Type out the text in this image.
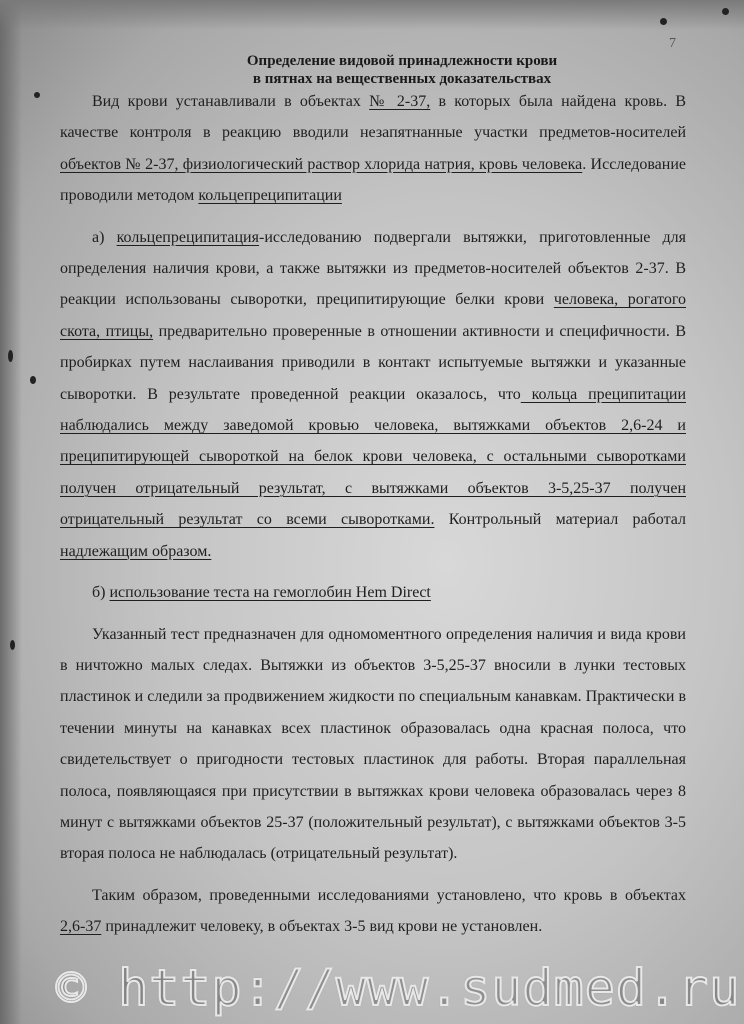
7
Определение видовой принадлежности крови
в пятнах на вещественных доказательствах

Вид крови устанавливали в объектах № 2-37, в которых была найдена кровь. В качестве контроля в реакцию вводили незапятнанные участки предметов-носителей объектов № 2-37, физиологический раствор хлорида натрия, кровь человека. Исследование проводили методом кольцепреципитации

а) кольцепреципитация-исследованию подвергали вытяжки, приготовленные для определения наличия крови, а также вытяжки из предметов-носителей объектов 2-37. В реакции использованы сыворотки, преципитирующие белки крови человека, рогатого скота, птицы, предварительно проверенные в отношении активности и специфичности. В пробирках путем наслаивания приводили в контакт испытуемые вытяжки и указанные сыворотки. В результате проведенной реакции оказалось, что кольца преципитации наблюдались между заведомой кровью человека, вытяжками объектов 2,6-24 и преципитирующей сывороткой на белок крови человека, с остальными сыворотками получен отрицательный результат, с вытяжками объектов 3-5,25-37 получен отрицательный результат со всеми сыворотками. Контрольный материал работал надлежащим образом.

б) использование теста на гемоглобин Hem Direct

Указанный тест предназначен для одномоментного определения наличия и вида крови в ничтожно малых следах. Вытяжки из объектов 3-5,25-37 вносили в лунки тестовых пластинок и следили за продвижением жидкости по специальным канавкам. Практически в течении минуты на канавках всех пластинок образовалась одна красная полоса, что свидетельствует о пригодности тестовых пластинок для работы. Вторая параллельная полоса, появляющаяся при присутствии в вытяжках крови человека образовалась через 8 минут с вытяжками объектов 25-37 (положительный результат), с вытяжками объектов 3-5 вторая полоса не наблюдалась (отрицательный результат).

Таким образом, проведенными исследованиями установлено, что кровь в объектах 2,6-37 принадлежит человеку, в объектах 3-5 вид крови не установлен.

© http://www.sudmed.ru
